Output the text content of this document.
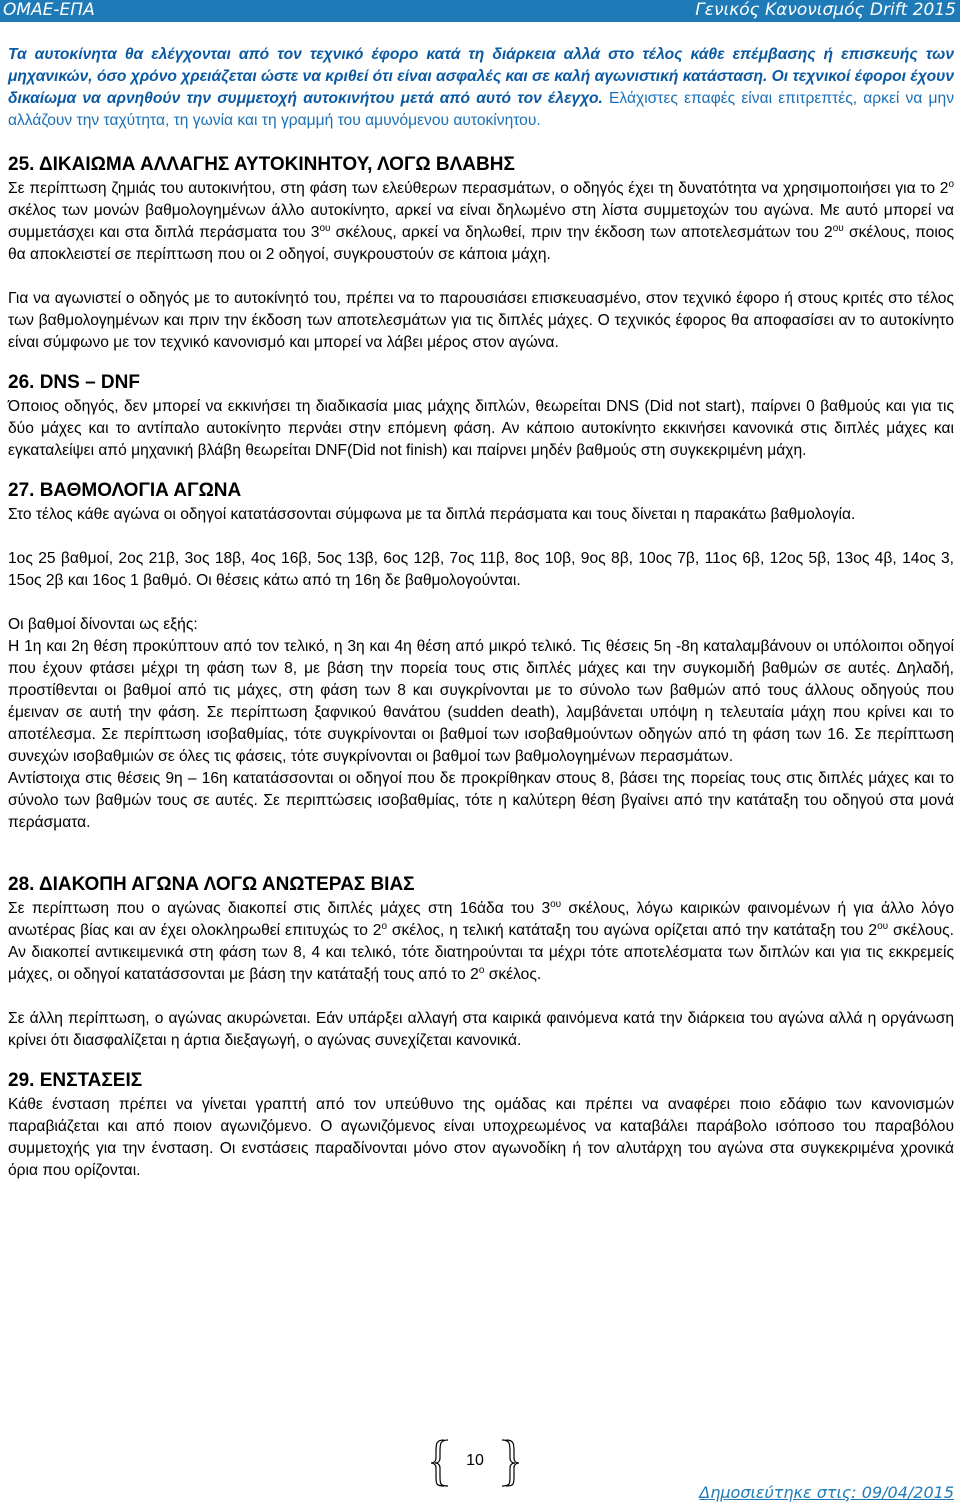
ΟΜΑΕ-ΕΠΑ	Γενικός Κανονισμός Drift 2015

Τα αυτοκίνητα θα ελέγχονται από τον τεχνικό έφορο κατά τη διάρκεια αλλά στο τέλος κάθε επέμβασης ή επισκευής των μηχανικών, όσο χρόνο χρειάζεται ώστε να κριθεί ότι είναι ασφαλές και σε καλή αγωνιστική κατάσταση. Οι τεχνικοί έφοροι έχουν δικαίωμα να αρνηθούν την συμμετοχή αυτοκινήτου μετά από αυτό τον έλεγχο. Ελάχιστες επαφές είναι επιτρεπτές, αρκεί να μην αλλάζουν την ταχύτητα, τη γωνία και τη γραμμή του αμυνόμενου αυτοκίνητου.

25. ΔΙΚΑΙΩΜΑ ΑΛΛΑΓΗΣ ΑΥΤΟΚΙΝΗΤΟΥ, ΛΟΓΩ ΒΛΑΒΗΣ

Σε περίπτωση ζημιάς του αυτοκινήτου, στη φάση των ελεύθερων περασμάτων, ο οδηγός έχει τη δυνατότητα να χρησιμοποιήσει για το $2^o$ σκέλος των μονών βαθμολογημένων άλλο αυτοκίνητο, αρκεί να είναι δηλωμένο στη λίστα συμμετοχών του αγώνα. Με αυτό μπορεί να συμμετάσχει και στα διπλά περάσματα του $3^{o\upsilon}$ σκέλους, αρκεί να δηλωθεί, πριν την έκδοση των αποτελεσμάτων του $2^{o\upsilon}$ σκέλους, ποιος θα αποκλειστεί σε περίπτωση που οι 2 οδηγοί, συγκρουστούν σε κάποια μάχη.

Για να αγωνιστεί ο οδηγός με το αυτοκίνητό του, πρέπει να το παρουσιάσει επισκευασμένο, στον τεχνικό έφορο ή στους κριτές στο τέλος των βαθμολογημένων και πριν την έκδοση των αποτελεσμάτων για τις διπλές μάχες. Ο τεχνικός έφορος θα αποφασίσει αν το αυτοκίνητο είναι σύμφωνο με τον τεχνικό κανονισμό και μπορεί να λάβει μέρος στον αγώνα.

26. DNS – DNF

Όποιος οδηγός, δεν μπορεί να εκκινήσει τη διαδικασία μιας μάχης διπλών, θεωρείται DNS (Did not start), παίρνει 0 βαθμούς και για τις δύο μάχες και το αντίπαλο αυτοκίνητο περνάει στην επόμενη φάση. Αν κάποιο αυτοκίνητο εκκινήσει κανονικά στις διπλές μάχες και εγκαταλείψει από μηχανική βλάβη θεωρείται DNF(Did not finish) και παίρνει μηδέν βαθμούς στη συγκεκριμένη μάχη.

27. ΒΑΘΜΟΛΟΓΙΑ ΑΓΩΝΑ

Στο τέλος κάθε αγώνα οι οδηγοί κατατάσσονται σύμφωνα με τα διπλά περάσματα και τους δίνεται η παρακάτω βαθμολογία.

1ος 25 βαθμοί, 2ος 21β, 3ος 18β, 4ος 16β, 5ος 13β, 6ος 12β, 7ος 11β, 8ος 10β, 9ος 8β, 10ος 7β, 11ος 6β, 12ος 5β, 13ος 4β, 14ος 3, 15ος 2β και 16ος 1 βαθμό. Οι θέσεις κάτω από τη 16η δε βαθμολογούνται.

Οι βαθμοί δίνονται ως εξής:

Η 1η και 2η θέση προκύπτουν από τον τελικό, η 3η και 4η θέση από μικρό τελικό. Τις θέσεις 5η -8η καταλαμβάνουν οι υπόλοιποι οδηγοί που έχουν φτάσει μέχρι τη φάση των 8, με βάση την πορεία τους στις διπλές μάχες και την συγκομιδή βαθμών σε αυτές. Δηλαδή, προστίθενται οι βαθμοί από τις μάχες, στη φάση των 8 και συγκρίνονται με το σύνολο των βαθμών από τους άλλους οδηγούς που έμειναν σε αυτή την φάση. Σε περίπτωση ξαφνικού θανάτου (sudden death), λαμβάνεται υπόψη η τελευταία μάχη που κρίνει και το αποτέλεσμα. Σε περίπτωση ισοβαθμίας, τότε συγκρίνονται οι βαθμοί των ισοβαθμούντων οδηγών από τη φάση των 16. Σε περίπτωση συνεχών ισοβαθμιών σε όλες τις φάσεις, τότε συγκρίνονται οι βαθμοί των βαθμολογημένων περασμάτων.

Αντίστοιχα στις θέσεις 9η – 16η κατατάσσονται οι οδηγοί που δε προκρίθηκαν στους 8, βάσει της πορείας τους στις διπλές μάχες και το σύνολο των βαθμών τους σε αυτές. Σε περιπτώσεις ισοβαθμίας, τότε η καλύτερη θέση βγαίνει από την κατάταξη του οδηγού στα μονά περάσματα.

28. ΔΙΑΚΟΠΗ ΑΓΩΝΑ ΛΟΓΩ ΑΝΩΤΕΡΑΣ ΒΙΑΣ

Σε περίπτωση που ο αγώνας διακοπεί στις διπλές μάχες στη 16άδα του $3^{o\upsilon}$ σκέλους, λόγω καιρικών φαινομένων ή για άλλο λόγο ανωτέρας βίας και αν έχει ολοκληρωθεί επιτυχώς το $2^o$ σκέλος, η τελική κατάταξη του αγώνα ορίζεται από την κατάταξη του $2^{o\upsilon}$ σκέλους. Αν διακοπεί αντικειμενικά στη φάση των 8, 4 και τελικό, τότε διατηρούνται τα μέχρι τότε αποτελέσματα των διπλών και για τις εκκρεμείς μάχες, οι οδηγοί κατατάσσονται με βάση την κατάταξή τους από το $2^o$ σκέλος.

Σε άλλη περίπτωση, ο αγώνας ακυρώνεται. Εάν υπάρξει αλλαγή στα καιρικά φαινόμενα κατά την διάρκεια του αγώνα αλλά η οργάνωση κρίνει ότι διασφαλίζεται η άρτια διεξαγωγή, ο αγώνας συνεχίζεται κανονικά.

29. ΕΝΣΤΑΣΕΙΣ

Κάθε ένσταση πρέπει να γίνεται γραπτή από τον υπεύθυνο της ομάδας και πρέπει να αναφέρει ποιο εδάφιο των κανονισμών παραβιάζεται και από ποιον αγωνιζόμενο. Ο αγωνιζόμενος είναι υποχρεωμένος να καταβάλει παράβολο ισόποσο του παραβόλου συμμετοχής για την ένσταση. Οι ενστάσεις παραδίνονται μόνο στον αγωνοδίκη ή τον αλυτάρχη του αγώνα στα συγκεκριμένα χρονικά όρια που ορίζονται.

10
Δημοσιεύτηκε στις: 09/04/2015
